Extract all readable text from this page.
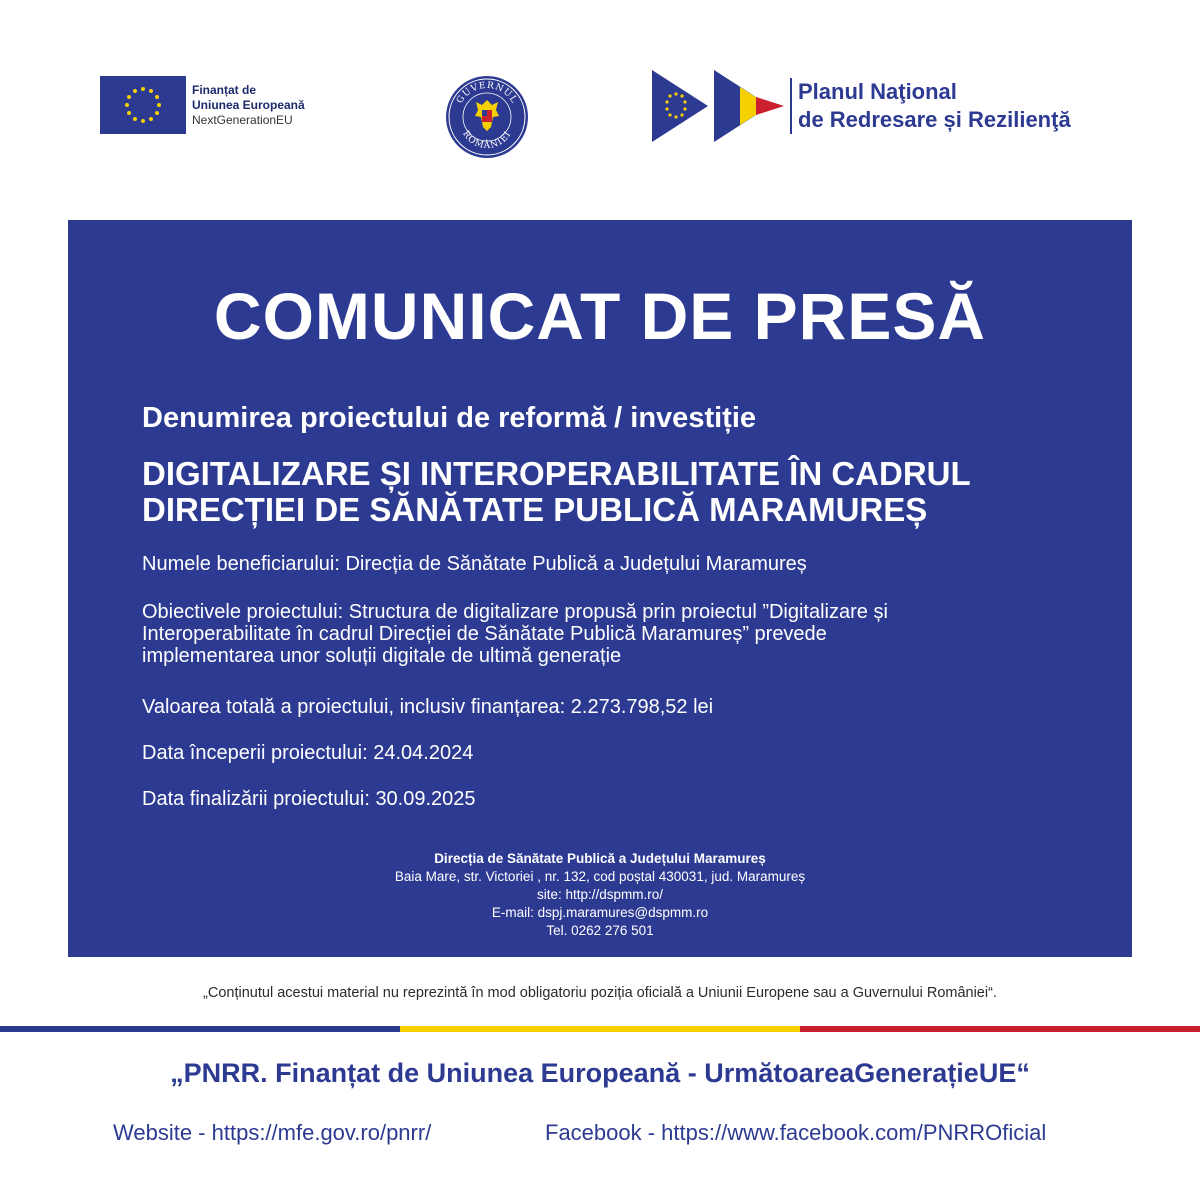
Finanțat de
Uniunea Europeană
NextGenerationEU
GUVERNUL
ROMÂNIEI
Planul Naţional
de Redresare și Rezilienţă
COMUNICAT DE PRESĂ
Denumirea proiectului de reformă / investiție
DIGITALIZARE ȘI INTEROPERABILITATE ÎN CADRUL
DIRECȚIEI DE SĂNĂTATE PUBLICĂ MARAMUREȘ
Numele beneficiarului: Direcția de Sănătate Publică a Județului Maramureș
Obiectivele proiectului: Structura de digitalizare propusă prin proiectul ”Digitalizare și
Interoperabilitate în cadrul Direcției de Sănătate Publică Maramureș” prevede
implementarea unor soluții digitale de ultimă generație
Valoarea totală a proiectului, inclusiv finanțarea: 2.273.798,52 lei
Data începerii proiectului: 24.04.2024
Data finalizării proiectului: 30.09.2025
Direcția de Sănătate Publică a Județului Maramureș
Baia Mare, str. Victoriei , nr. 132, cod poștal 430031, jud. Maramureș
site: http://dspmm.ro/
E-mail: dspj.maramures@dspmm.ro
Tel. 0262 276 501
„Conținutul acestui material nu reprezintă în mod obligatoriu poziția oficială a Uniunii Europene sau a Guvernului României“.
„PNRR. Finanțat de Uniunea Europeană - UrmătoareaGenerațieUE“
Website - https://mfe.gov.ro/pnrr/	Facebook - https://www.facebook.com/PNRROficial
